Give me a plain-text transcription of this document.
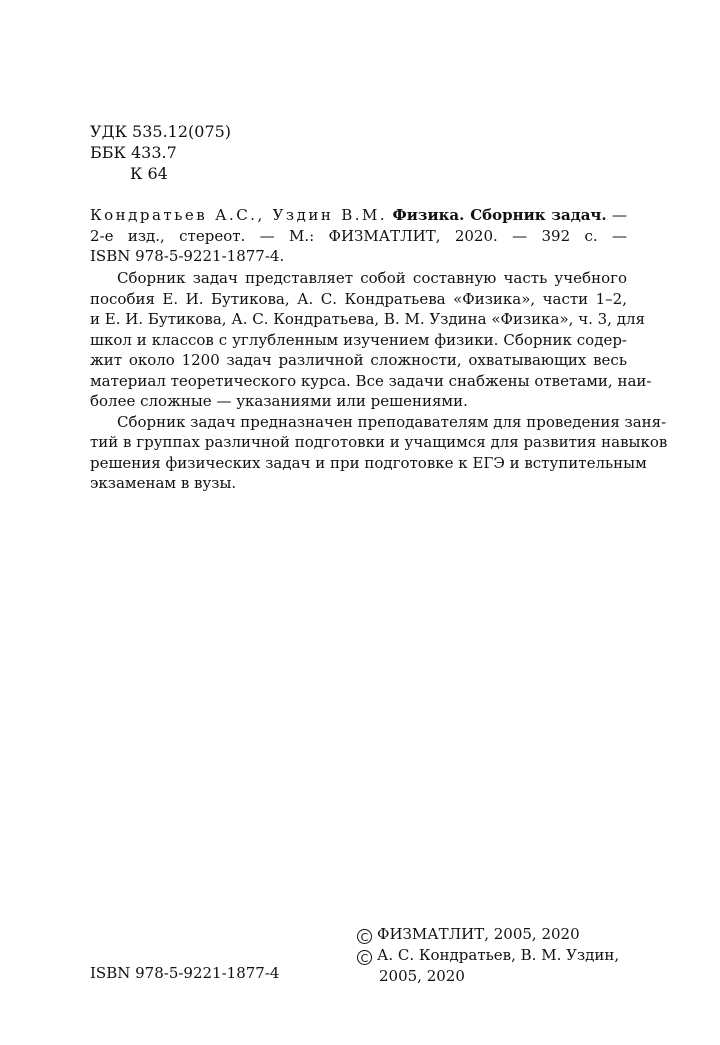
УДК 535.12(075)
ББК 433.7
К 64
Кондратьев А.С., Уздин В.М. Физика. Сборник задач. —
2-е изд., стереот. — М.: ФИЗМАТЛИТ, 2020. — 392 с. —
ISBN 978-5-9221-1877-4.

Сборник задач представляет собой составную часть учебного
пособия Е. И. Бутикова, А. С. Кондратьева «Физика», части 1–2,
и Е. И. Бутикова, А. С. Кондратьева, В. М. Уздина «Физика», ч. 3, для
школ и классов с углубленным изучением физики. Сборник содер-
жит около 1200 задач различной сложности, охватывающих весь
материал теоретического курса. Все задачи снабжены ответами, наи-
более сложные — указаниями или решениями.

Сборник задач предназначен преподавателям для проведения заня-
тий в группах различной подготовки и учащимся для развития навыков
решения физических задач и при подготовке к ЕГЭ и вступительным
экзаменам в вузы.

ISBN 978-5-9221-1877-4
C ФИЗМАТЛИТ, 2005, 2020
C А. С. Кондратьев, В. М. Уздин,
2005, 2020
